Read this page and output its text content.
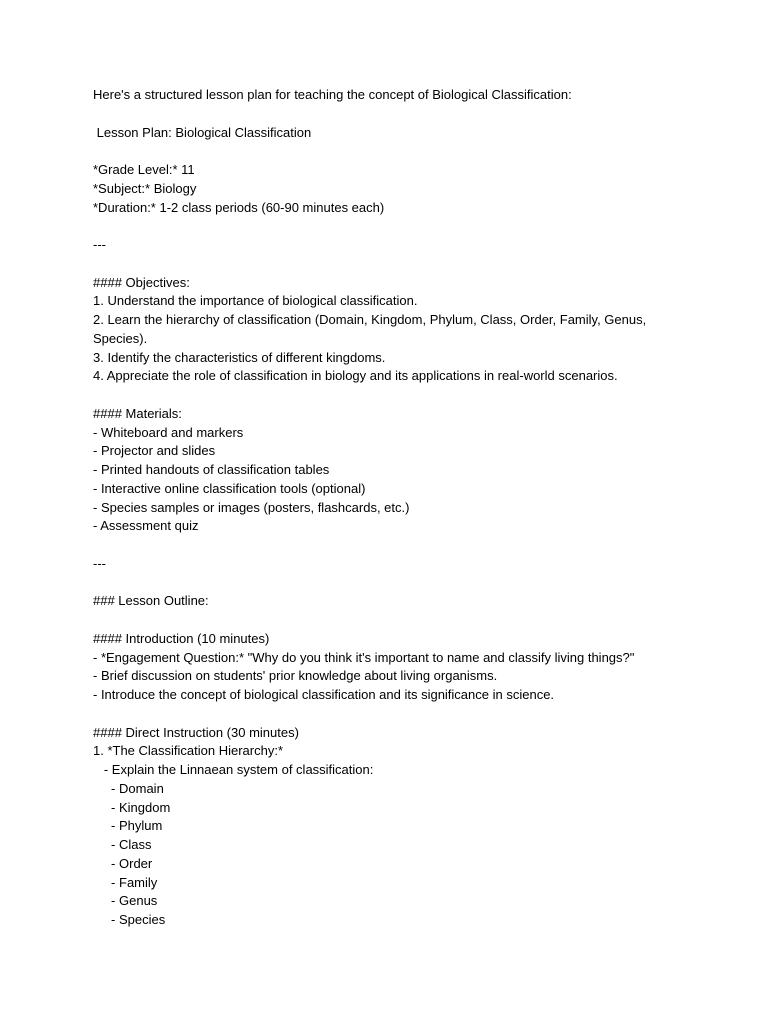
Here's a structured lesson plan for teaching the concept of Biological Classification:
Lesson Plan: Biological Classification
*Grade Level:* 11
*Subject:* Biology
*Duration:* 1-2 class periods (60-90 minutes each)
---
#### Objectives:
1. Understand the importance of biological classification.
2. Learn the hierarchy of classification (Domain, Kingdom, Phylum, Class, Order, Family, Genus,
Species).
3. Identify the characteristics of different kingdoms.
4. Appreciate the role of classification in biology and its applications in real-world scenarios.
#### Materials:
- Whiteboard and markers
- Projector and slides
- Printed handouts of classification tables
- Interactive online classification tools (optional)
- Species samples or images (posters, flashcards, etc.)
- Assessment quiz
---
### Lesson Outline:
#### Introduction (10 minutes)
- *Engagement Question:* "Why do you think it's important to name and classify living things?"
- Brief discussion on students' prior knowledge about living organisms.
- Introduce the concept of biological classification and its significance in science.
#### Direct Instruction (30 minutes)
1. *The Classification Hierarchy:*
- Explain the Linnaean system of classification:
- Domain
- Kingdom
- Phylum
- Class
- Order
- Family
- Genus
- Species
